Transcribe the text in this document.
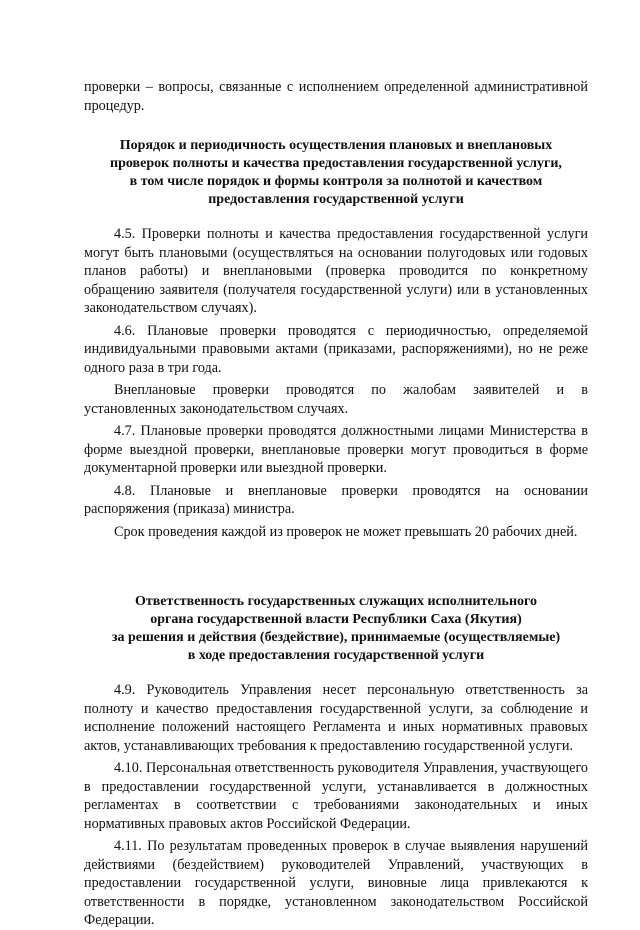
проверки – вопросы, связанные с исполнением определенной административной процедур.

Порядок и периодичность осуществления плановых и внеплановых
проверок полноты и качества предоставления государственной услуги,
в том числе порядок и формы контроля за полнотой и качеством
предоставления государственной услуги

4.5. Проверки полноты и качества предоставления государственной услуги могут быть плановыми (осуществляться на основании полугодовых или годовых планов работы) и внеплановыми (проверка проводится по конкретному обращению заявителя (получателя государственной услуги) или в установленных законодательством случаях).

4.6. Плановые проверки проводятся с периодичностью, определяемой индивидуальными правовыми актами (приказами, распоряжениями), но не реже одного раза в три года.

Внеплановые проверки проводятся по жалобам заявителей и в установленных законодательством случаях.

4.7. Плановые проверки проводятся должностными лицами Министерства в форме выездной проверки, внеплановые проверки могут проводиться в форме документарной проверки или выездной проверки.

4.8. Плановые и внеплановые проверки проводятся на основании распоряжения (приказа) министра.

Срок проведения каждой из проверок не может превышать 20 рабочих дней.

Ответственность государственных служащих исполнительного
органа государственной власти Республики Саха (Якутия)
за решения и действия (бездействие), принимаемые (осуществляемые)
в ходе предоставления государственной услуги

4.9. Руководитель Управления несет персональную ответственность за полноту и качество предоставления государственной услуги, за соблюдение и исполнение положений настоящего Регламента и иных нормативных правовых актов, устанавливающих требования к предоставлению государственной услуги.

4.10. Персональная ответственность руководителя Управления, участвующего в предоставлении государственной услуги, устанавливается в должностных регламентах в соответствии с требованиями законодательных и иных нормативных правовых актов Российской Федерации.

4.11. По результатам проведенных проверок в случае выявления нарушений действиями (бездействием) руководителей Управлений, участвующих в предоставлении государственной услуги, виновные лица привлекаются к ответственности в порядке, установленном законодательством Российской Федерации.
